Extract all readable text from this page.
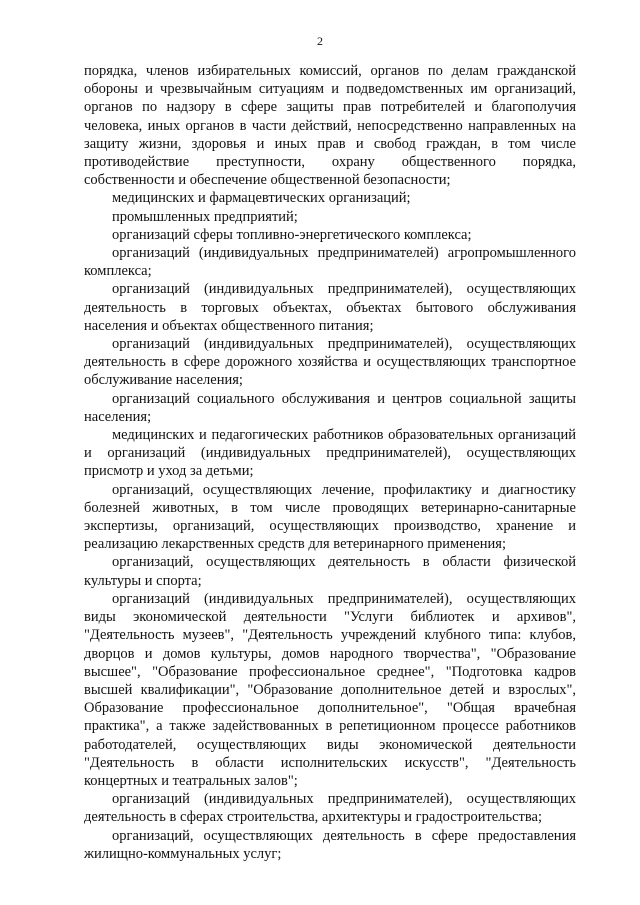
2

порядка, членов избирательных комиссий, органов по делам гражданской обороны и чрезвычайным ситуациям и подведомственных им организаций, органов по надзору в сфере защиты прав потребителей и благополучия человека, иных органов в части действий, непосредственно направленных на защиту жизни, здоровья и иных прав и свобод граждан, в том числе противодействие преступности, охрану общественного порядка, собственности и обеспечение общественной безопасности;

медицинских и фармацевтических организаций;

промышленных предприятий;

организаций сферы топливно-энергетического комплекса;

организаций (индивидуальных предпринимателей) агропромышленного комплекса;

организаций (индивидуальных предпринимателей), осуществляющих деятельность в торговых объектах, объектах бытового обслуживания населения и объектах общественного питания;

организаций (индивидуальных предпринимателей), осуществляющих деятельность в сфере дорожного хозяйства и осуществляющих транспортное обслуживание населения;

организаций социального обслуживания и центров социальной защиты населения;

медицинских и педагогических работников образовательных организаций и организаций (индивидуальных предпринимателей), осуществляющих присмотр и уход за детьми;

организаций, осуществляющих лечение, профилактику и диагностику болезней животных, в том числе проводящих ветеринарно-санитарные экспертизы, организаций, осуществляющих производство, хранение и реализацию лекарственных средств для ветеринарного применения;

организаций, осуществляющих деятельность в области физической культуры и спорта;

организаций (индивидуальных предпринимателей), осуществляющих виды экономической деятельности "Услуги библиотек и архивов", "Деятельность музеев", "Деятельность учреждений клубного типа: клубов, дворцов и домов культуры, домов народного творчества", "Образование высшее", "Образование профессиональное среднее", "Подготовка кадров высшей квалификации", "Образование дополнительное детей и взрослых", Образование профессиональное дополнительное", "Общая врачебная практика", а также задействованных в репетиционном процессе работников работодателей, осуществляющих виды экономической деятельности "Деятельность в области исполнительских искусств", "Деятельность концертных и театральных залов";

организаций (индивидуальных предпринимателей), осуществляющих деятельность в сферах строительства, архитектуры и градостроительства;

организаций, осуществляющих деятельность в сфере предоставления жилищно-коммунальных услуг;
